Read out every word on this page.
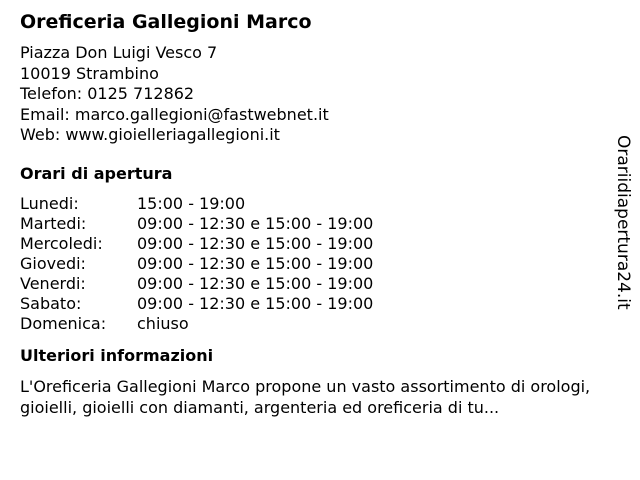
Oreficeria Gallegioni Marco
Piazza Don Luigi Vesco 7
10019 Strambino
Telefon: 0125 712862
Email: marco.gallegioni@fastwebnet.it
Web: www.gioielleriagallegioni.it
Orari di apertura
Lunedi:	15:00 - 19:00
Martedi:	09:00 - 12:30 e 15:00 - 19:00
Mercoledi:	09:00 - 12:30 e 15:00 - 19:00
Giovedi:	09:00 - 12:30 e 15:00 - 19:00
Venerdi:	09:00 - 12:30 e 15:00 - 19:00
Sabato:	09:00 - 12:30 e 15:00 - 19:00
Domenica:	chiuso
Ulteriori informazioni
L'Oreficeria Gallegioni Marco propone un vasto assortimento di orologi, gioielli, gioielli con diamanti, argenteria ed oreficeria di tu...
Orariidiapertura24.it
